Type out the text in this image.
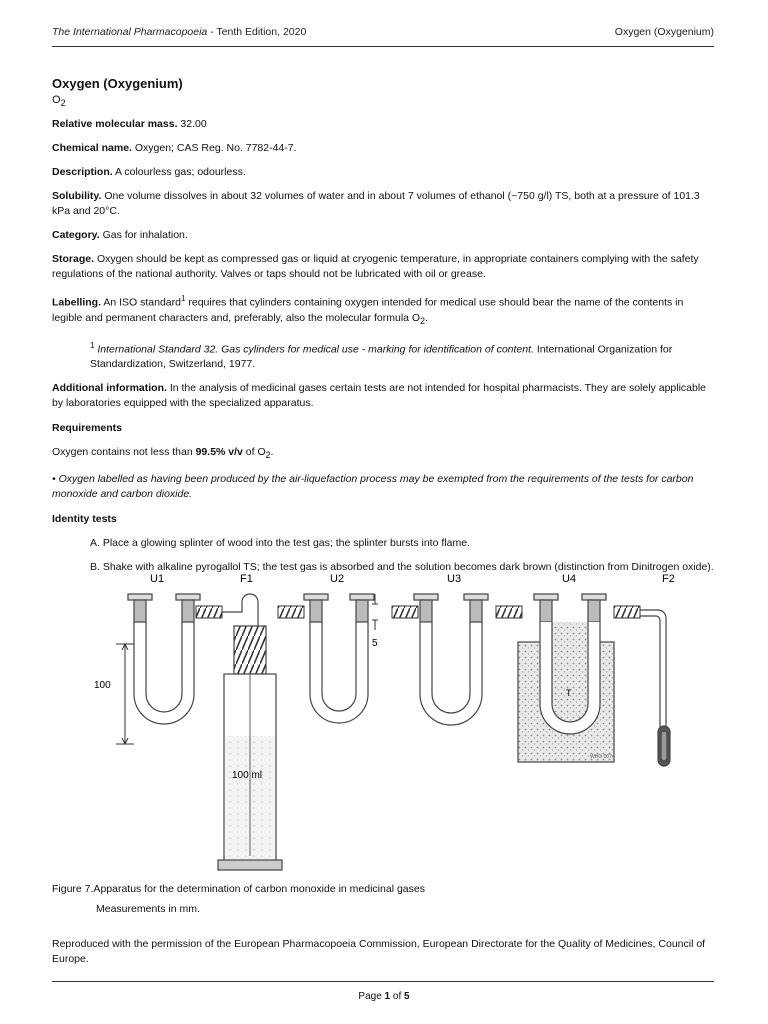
The International Pharmacopoeia - Tenth Edition, 2020	Oxygen (Oxygenium)

Oxygen (Oxygenium)

$O_2$

Relative molecular mass. 32.00

Chemical name. Oxygen; CAS Reg. No. 7782-44-7.

Description. A colourless gas; odourless.

Solubility. One volume dissolves in about 32 volumes of water and in about 7 volumes of ethanol (~750 g/l) TS, both at a pressure of 101.3 kPa and 20°C.

Category. Gas for inhalation.

Storage. Oxygen should be kept as compressed gas or liquid at cryogenic temperature, in appropriate containers complying with the safety regulations of the national authority. Valves or taps should not be lubricated with oil or grease.

Labelling. An ISO standard$^1$ requires that cylinders containing oxygen intended for medical use should bear the name of the contents in legible and permanent characters and, preferably, also the molecular formula $O_2$.

$^1$ International Standard 32. Gas cylinders for medical use - marking for identification of content. International Organization for Standardization, Switzerland, 1977.

Additional information. In the analysis of medicinal gases certain tests are not intended for hospital pharmacists. They are solely applicable by laboratories equipped with the specialized apparatus.

Requirements

Oxygen contains not less than 99.5% v/v of $O_2$.

• Oxygen labelled as having been produced by the air-liquefaction process may be exempted from the requirements of the tests for carbon monoxide and carbon dioxide.

Identity tests

A. Place a glowing splinter of wood into the test gas; the splinter bursts into flame.

B. Shake with alkaline pyrogallol TS; the test gas is absorbed and the solution becomes dark brown (distinction from Dinitrogen oxide).

U1	F1	U2	U3	U4	F2
100
100 ml
5
T
WHO 0074

Figure 7.Apparatus for the determination of carbon monoxide in medicinal gases

Measurements in mm.

Reproduced with the permission of the European Pharmacopoeia Commission, European Directorate for the Quality of Medicines, Council of Europe.

Page 1 of 5
